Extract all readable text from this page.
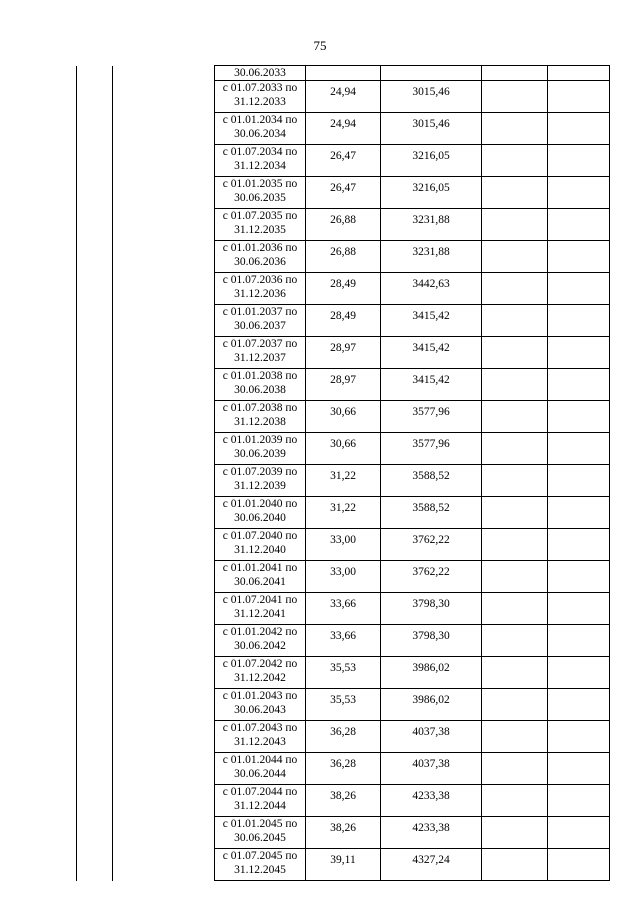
75

		30.06.2033				

		с 01.07.2033 по
31.12.2033	24,94	3015,46		

		с 01.01.2034 по
30.06.2034	24,94	3015,46		

		с 01.07.2034 по
31.12.2034	26,47	3216,05		

		с 01.01.2035 по
30.06.2035	26,47	3216,05		

		с 01.07.2035 по
31.12.2035	26,88	3231,88		

		с 01.01.2036 по
30.06.2036	26,88	3231,88		

		с 01.07.2036 по
31.12.2036	28,49	3442,63		

		с 01.01.2037 по
30.06.2037	28,49	3415,42		

		с 01.07.2037 по
31.12.2037	28,97	3415,42		

		с 01.01.2038 по
30.06.2038	28,97	3415,42		

		с 01.07.2038 по
31.12.2038	30,66	3577,96		

		с 01.01.2039 по
30.06.2039	30,66	3577,96		

		с 01.07.2039 по
31.12.2039	31,22	3588,52		

		с 01.01.2040 по
30.06.2040	31,22	3588,52		

		с 01.07.2040 по
31.12.2040	33,00	3762,22		

		с 01.01.2041 по
30.06.2041	33,00	3762,22		

		с 01.07.2041 по
31.12.2041	33,66	3798,30		

		с 01.01.2042 по
30.06.2042	33,66	3798,30		

		с 01.07.2042 по
31.12.2042	35,53	3986,02		

		с 01.01.2043 по
30.06.2043	35,53	3986,02		

		с 01.07.2043 по
31.12.2043	36,28	4037,38		

		с 01.01.2044 по
30.06.2044	36,28	4037,38		

		с 01.07.2044 по
31.12.2044	38,26	4233,38		

		с 01.01.2045 по
30.06.2045	38,26	4233,38		

		с 01.07.2045 по
31.12.2045	39,11	4327,24		
